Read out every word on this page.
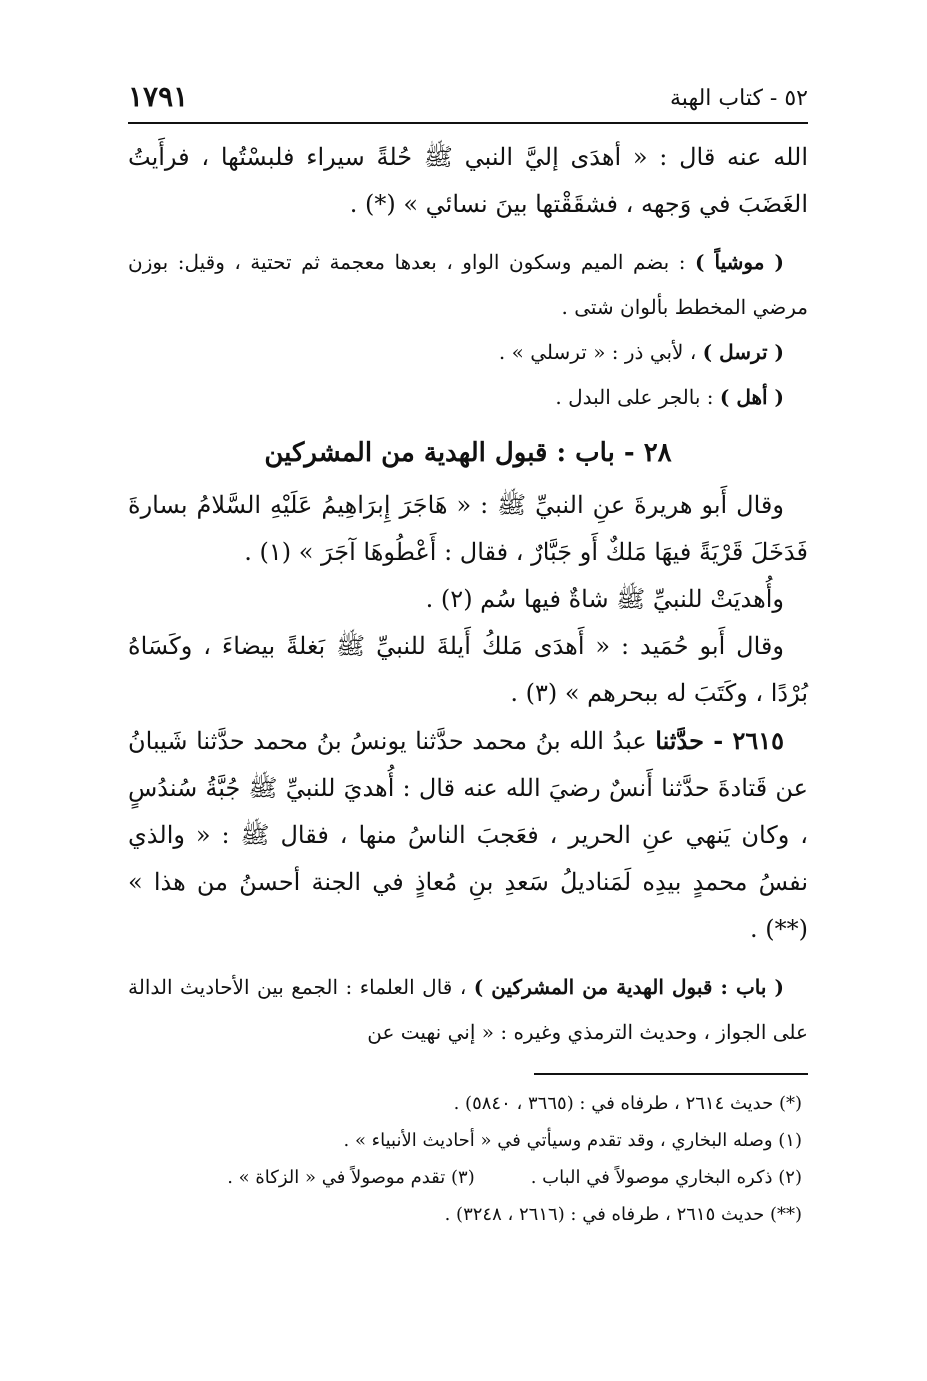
٥٢ - كتاب الهبة
١٧٩١

الله عنه قال : « أهدَى إليَّ النبي ﷺ حُلةً سيراء فلبسْتُها ، فرأَيتُ الغَضَبَ في وَجهه ، فشقَقْتها بينَ نسائي » (*) .

( موشياً ) : بضم الميم وسكون الواو ، بعدها معجمة ثم تحتية ، وقيل: بوزن مرضي المخطط بألوان شتى .

( ترسل ) ، لأبي ذر : « ترسلي » .

( أهل ) : بالجر على البدل .

٢٨ - باب : قبول الهدية من المشركين

وقال أَبو هريرةَ عنِ النبيِّ ﷺ : « هَاجَرَ إِبرَاهِيمُ عَلَيْهِ السَّلامُ بسارةَ فَدَخَلَ قَرْيَةً فيهَا مَلكٌ أَو جَبَّارٌ ، فقال : أَعْطُوهَا آجَرَ » (١) .

وأُهديَتْ للنبيِّ ﷺ شاةٌ فيها سُم (٢) .

وقال أَبو حُمَيد : « أَهدَى مَلكُ أَيلةَ للنبيِّ ﷺ بَغلةً بيضاءَ ، وكَسَاهُ بُرْدًا ، وكَتَبَ له ببحرهم » (٣) .

٢٦١٥ - حدَّثنا عبدُ الله بنُ محمد حدَّثنا يونسُ بنُ محمد حدَّثنا شَيبانُ عن قَتادةَ حدَّثنا أَنسٌ رضيَ الله عنه قال : أُهديَ للنبيِّ ﷺ جُبَّةُ سُندُسٍ ، وكان يَنهي عنِ الحرير ، فعَجبَ الناسُ منها ، فقال ﷺ : « والذي نفسُ محمدٍ بيدِه لَمَناديلُ سَعدِ بنِ مُعاذٍ في الجنة أحسنُ من هذا » (**) .

( باب : قبول الهدية من المشركين ) ، قال العلماء : الجمع بين الأحاديث الدالة على الجواز ، وحديث الترمذي وغيره : « إني نهيت عن

(*) حديث ٢٦١٤ ، طرفاه في : (٣٦٦٥ ، ٥٨٤٠) .
(١) وصله البخاري ، وقد تقدم وسيأتي في « أحاديث الأنبياء » .
(٢) ذكره البخاري موصولاً في الباب .(٣) تقدم موصولاً في « الزكاة » .
(**) حديث ٢٦١٥ ، طرفاه في : (٢٦١٦ ، ٣٢٤٨) .
